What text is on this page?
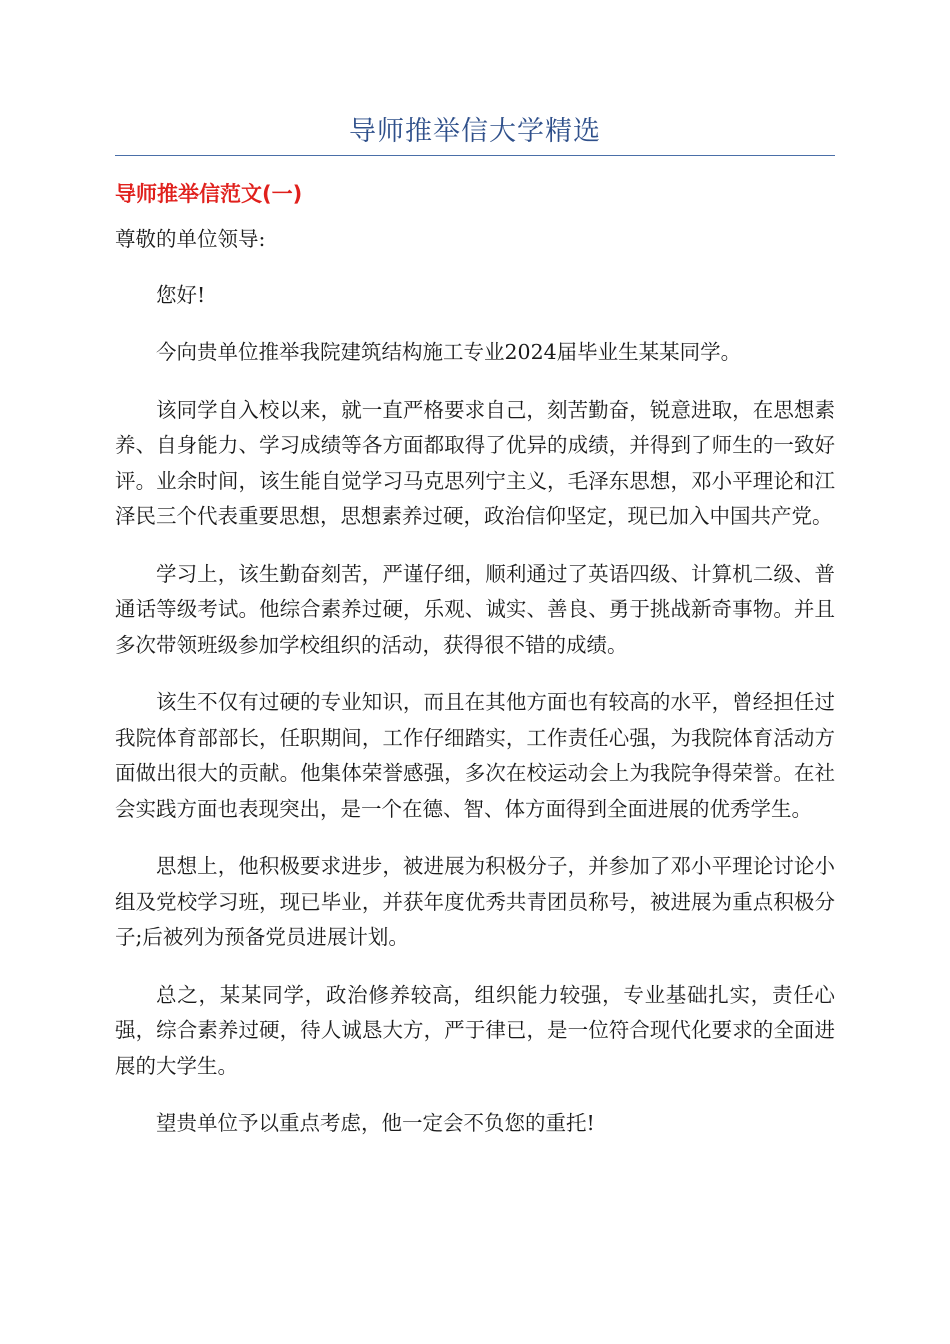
导师推举信大学精选
导师推举信范文(一)

尊敬的单位领导:

您好!

今向贵单位推举我院建筑结构施工专业2024届毕业生某某同学。

该同学自入校以来，就一直严格要求自己，刻苦勤奋，锐意进取，在思想素养、自身能力、学习成绩等各方面都取得了优异的成绩，并得到了师生的一致好评。业余时间，该生能自觉学习马克思列宁主义，毛泽东思想，邓小平理论和江泽民三个代表重要思想，思想素养过硬，政治信仰坚定，现已加入中国共产党。

学习上，该生勤奋刻苦，严谨仔细，顺利通过了英语四级、计算机二级、普通话等级考试。他综合素养过硬，乐观、诚实、善良、勇于挑战新奇事物。并且多次带领班级参加学校组织的活动，获得很不错的成绩。

该生不仅有过硬的专业知识，而且在其他方面也有较高的水平，曾经担任过我院体育部部长，任职期间，工作仔细踏实，工作责任心强，为我院体育活动方面做出很大的贡献。他集体荣誉感强，多次在校运动会上为我院争得荣誉。在社会实践方面也表现突出，是一个在德、智、体方面得到全面进展的优秀学生。

思想上，他积极要求进步，被进展为积极分子，并参加了邓小平理论讨论小组及党校学习班，现已毕业，并获年度优秀共青团员称号，被进展为重点积极分子;后被列为预备党员进展计划。

总之，某某同学，政治修养较高，组织能力较强，专业基础扎实，责任心强，综合素养过硬，待人诚恳大方，严于律已，是一位符合现代化要求的全面进展的大学生。

望贵单位予以重点考虑，他一定会不负您的重托!
